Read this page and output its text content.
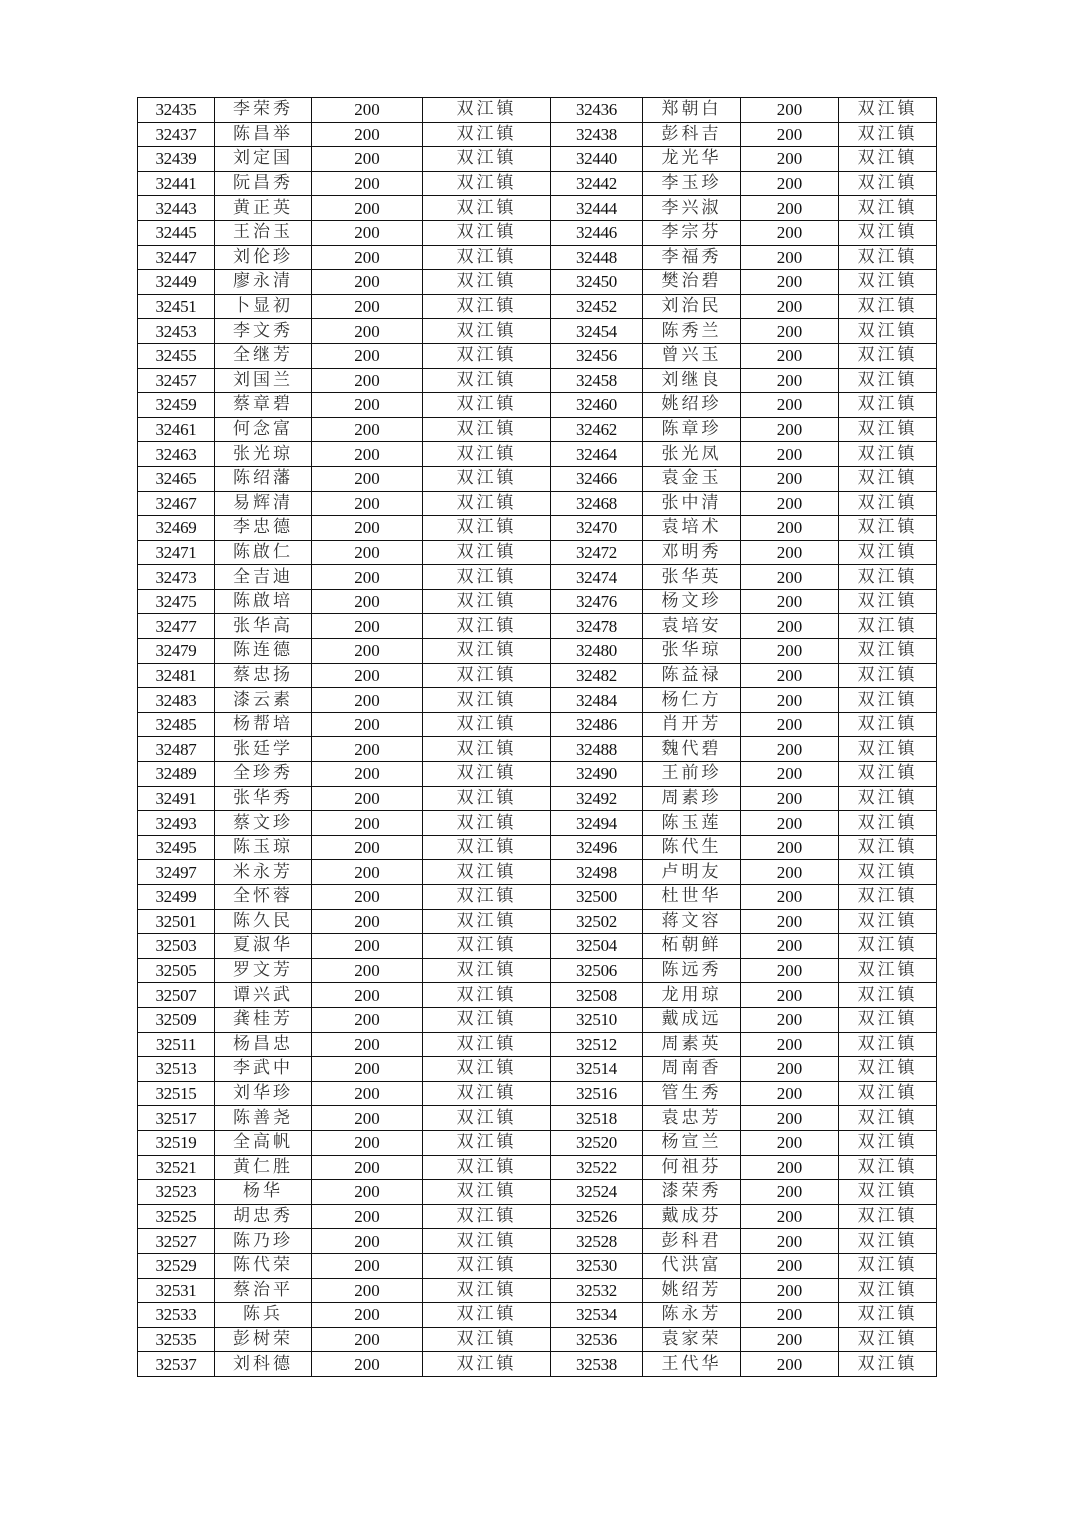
32435	李荣秀	200	双江镇	32436	郑朝白	200	双江镇
32437	陈昌举	200	双江镇	32438	彭科吉	200	双江镇
32439	刘定国	200	双江镇	32440	龙光华	200	双江镇
32441	阮昌秀	200	双江镇	32442	李玉珍	200	双江镇
32443	黄正英	200	双江镇	32444	李兴淑	200	双江镇
32445	王治玉	200	双江镇	32446	李宗芬	200	双江镇
32447	刘伦珍	200	双江镇	32448	李福秀	200	双江镇
32449	廖永清	200	双江镇	32450	樊治碧	200	双江镇
32451	卜显初	200	双江镇	32452	刘治民	200	双江镇
32453	李文秀	200	双江镇	32454	陈秀兰	200	双江镇
32455	全继芳	200	双江镇	32456	曾兴玉	200	双江镇
32457	刘国兰	200	双江镇	32458	刘继良	200	双江镇
32459	蔡章碧	200	双江镇	32460	姚绍珍	200	双江镇
32461	何念富	200	双江镇	32462	陈章珍	200	双江镇
32463	张光琼	200	双江镇	32464	张光凤	200	双江镇
32465	陈绍藩	200	双江镇	32466	袁金玉	200	双江镇
32467	易辉清	200	双江镇	32468	张中清	200	双江镇
32469	李忠德	200	双江镇	32470	袁培术	200	双江镇
32471	陈啟仁	200	双江镇	32472	邓明秀	200	双江镇
32473	全吉迪	200	双江镇	32474	张华英	200	双江镇
32475	陈啟培	200	双江镇	32476	杨文珍	200	双江镇
32477	张华高	200	双江镇	32478	袁培安	200	双江镇
32479	陈连德	200	双江镇	32480	张华琼	200	双江镇
32481	蔡忠扬	200	双江镇	32482	陈益禄	200	双江镇
32483	漆云素	200	双江镇	32484	杨仁方	200	双江镇
32485	杨帮培	200	双江镇	32486	肖开芳	200	双江镇
32487	张廷学	200	双江镇	32488	魏代碧	200	双江镇
32489	全珍秀	200	双江镇	32490	王前珍	200	双江镇
32491	张华秀	200	双江镇	32492	周素珍	200	双江镇
32493	蔡文珍	200	双江镇	32494	陈玉莲	200	双江镇
32495	陈玉琼	200	双江镇	32496	陈代生	200	双江镇
32497	米永芳	200	双江镇	32498	卢明友	200	双江镇
32499	全怀蓉	200	双江镇	32500	杜世华	200	双江镇
32501	陈久民	200	双江镇	32502	蒋文容	200	双江镇
32503	夏淑华	200	双江镇	32504	柘朝鲜	200	双江镇
32505	罗文芳	200	双江镇	32506	陈远秀	200	双江镇
32507	谭兴武	200	双江镇	32508	龙用琼	200	双江镇
32509	龚桂芳	200	双江镇	32510	戴成远	200	双江镇
32511	杨昌忠	200	双江镇	32512	周素英	200	双江镇
32513	李武中	200	双江镇	32514	周南香	200	双江镇
32515	刘华珍	200	双江镇	32516	管生秀	200	双江镇
32517	陈善尧	200	双江镇	32518	袁忠芳	200	双江镇
32519	全高帆	200	双江镇	32520	杨宣兰	200	双江镇
32521	黄仁胜	200	双江镇	32522	何祖芬	200	双江镇
32523	杨华	200	双江镇	32524	漆荣秀	200	双江镇
32525	胡忠秀	200	双江镇	32526	戴成芬	200	双江镇
32527	陈乃珍	200	双江镇	32528	彭科君	200	双江镇
32529	陈代荣	200	双江镇	32530	代洪富	200	双江镇
32531	蔡治平	200	双江镇	32532	姚绍芳	200	双江镇
32533	陈兵	200	双江镇	32534	陈永芳	200	双江镇
32535	彭树荣	200	双江镇	32536	袁家荣	200	双江镇
32537	刘科德	200	双江镇	32538	王代华	200	双江镇
